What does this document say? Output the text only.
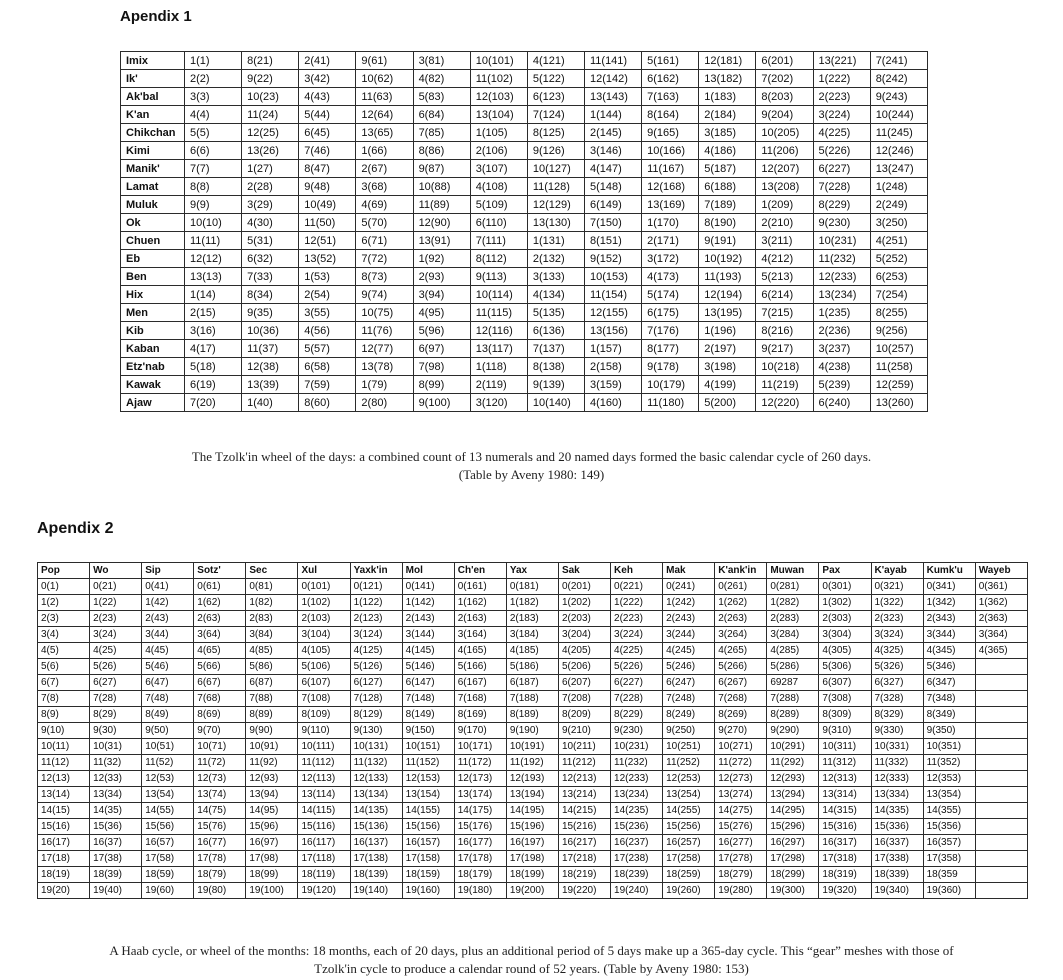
Apendix 1
Imix	1(1)	8(21)	2(41)	9(61)	3(81)	10(101)	4(121)	11(141)	5(161)	12(181)	6(201)	13(221)	7(241)
Ik'	2(2)	9(22)	3(42)	10(62)	4(82)	11(102)	5(122)	12(142)	6(162)	13(182)	7(202)	1(222)	8(242)
Ak'bal	3(3)	10(23)	4(43)	11(63)	5(83)	12(103)	6(123)	13(143)	7(163)	1(183)	8(203)	2(223)	9(243)
K'an	4(4)	11(24)	5(44)	12(64)	6(84)	13(104)	7(124)	1(144)	8(164)	2(184)	9(204)	3(224)	10(244)
Chikchan	5(5)	12(25)	6(45)	13(65)	7(85)	1(105)	8(125)	2(145)	9(165)	3(185)	10(205)	4(225)	11(245)
Kimi	6(6)	13(26)	7(46)	1(66)	8(86)	2(106)	9(126)	3(146)	10(166)	4(186)	11(206)	5(226)	12(246)
Manik'	7(7)	1(27)	8(47)	2(67)	9(87)	3(107)	10(127)	4(147)	11(167)	5(187)	12(207)	6(227)	13(247)
Lamat	8(8)	2(28)	9(48)	3(68)	10(88)	4(108)	11(128)	5(148)	12(168)	6(188)	13(208)	7(228)	1(248)
Muluk	9(9)	3(29)	10(49)	4(69)	11(89)	5(109)	12(129)	6(149)	13(169)	7(189)	1(209)	8(229)	2(249)
Ok	10(10)	4(30)	11(50)	5(70)	12(90)	6(110)	13(130)	7(150)	1(170)	8(190)	2(210)	9(230)	3(250)
Chuen	11(11)	5(31)	12(51)	6(71)	13(91)	7(111)	1(131)	8(151)	2(171)	9(191)	3(211)	10(231)	4(251)
Eb	12(12)	6(32)	13(52)	7(72)	1(92)	8(112)	2(132)	9(152)	3(172)	10(192)	4(212)	11(232)	5(252)
Ben	13(13)	7(33)	1(53)	8(73)	2(93)	9(113)	3(133)	10(153)	4(173)	11(193)	5(213)	12(233)	6(253)
Hix	1(14)	8(34)	2(54)	9(74)	3(94)	10(114)	4(134)	11(154)	5(174)	12(194)	6(214)	13(234)	7(254)
Men	2(15)	9(35)	3(55)	10(75)	4(95)	11(115)	5(135)	12(155)	6(175)	13(195)	7(215)	1(235)	8(255)
Kib	3(16)	10(36)	4(56)	11(76)	5(96)	12(116)	6(136)	13(156)	7(176)	1(196)	8(216)	2(236)	9(256)
Kaban	4(17)	11(37)	5(57)	12(77)	6(97)	13(117)	7(137)	1(157)	8(177)	2(197)	9(217)	3(237)	10(257)
Etz'nab	5(18)	12(38)	6(58)	13(78)	7(98)	1(118)	8(138)	2(158)	9(178)	3(198)	10(218)	4(238)	11(258)
Kawak	6(19)	13(39)	7(59)	1(79)	8(99)	2(119)	9(139)	3(159)	10(179)	4(199)	11(219)	5(239)	12(259)
Ajaw	7(20)	1(40)	8(60)	2(80)	9(100)	3(120)	10(140)	4(160)	11(180)	5(200)	12(220)	6(240)	13(260)
The Tzolk'in wheel of the days: a combined count of 13 numerals and 20 named days formed the basic calendar cycle of 260 days.
(Table by Aveny 1980: 149)
Apendix 2
Pop	Wo	Sip	Sotz'	Sec	Xul	Yaxk'in	Mol	Ch'en	Yax	Sak	Keh	Mak	K'ank'in	Muwan	Pax	K'ayab	Kumk'u	Wayeb
0(1)	0(21)	0(41)	0(61)	0(81)	0(101)	0(121)	0(141)	0(161)	0(181)	0(201)	0(221)	0(241)	0(261)	0(281)	0(301)	0(321)	0(341)	0(361)
1(2)	1(22)	1(42)	1(62)	1(82)	1(102)	1(122)	1(142)	1(162)	1(182)	1(202)	1(222)	1(242)	1(262)	1(282)	1(302)	1(322)	1(342)	1(362)
2(3)	2(23)	2(43)	2(63)	2(83)	2(103)	2(123)	2(143)	2(163)	2(183)	2(203)	2(223)	2(243)	2(263)	2(283)	2(303)	2(323)	2(343)	2(363)
3(4)	3(24)	3(44)	3(64)	3(84)	3(104)	3(124)	3(144)	3(164)	3(184)	3(204)	3(224)	3(244)	3(264)	3(284)	3(304)	3(324)	3(344)	3(364)
4(5)	4(25)	4(45)	4(65)	4(85)	4(105)	4(125)	4(145)	4(165)	4(185)	4(205)	4(225)	4(245)	4(265)	4(285)	4(305)	4(325)	4(345)	4(365)
5(6)	5(26)	5(46)	5(66)	5(86)	5(106)	5(126)	5(146)	5(166)	5(186)	5(206)	5(226)	5(246)	5(266)	5(286)	5(306)	5(326)	5(346)	
6(7)	6(27)	6(47)	6(67)	6(87)	6(107)	6(127)	6(147)	6(167)	6(187)	6(207)	6(227)	6(247)	6(267)	69287	6(307)	6(327)	6(347)	
7(8)	7(28)	7(48)	7(68)	7(88)	7(108)	7(128)	7(148)	7(168)	7(188)	7(208)	7(228)	7(248)	7(268)	7(288)	7(308)	7(328)	7(348)	
8(9)	8(29)	8(49)	8(69)	8(89)	8(109)	8(129)	8(149)	8(169)	8(189)	8(209)	8(229)	8(249)	8(269)	8(289)	8(309)	8(329)	8(349)	
9(10)	9(30)	9(50)	9(70)	9(90)	9(110)	9(130)	9(150)	9(170)	9(190)	9(210)	9(230)	9(250)	9(270)	9(290)	9(310)	9(330)	9(350)	
10(11)	10(31)	10(51)	10(71)	10(91)	10(111)	10(131)	10(151)	10(171)	10(191)	10(211)	10(231)	10(251)	10(271)	10(291)	10(311)	10(331)	10(351)	
11(12)	11(32)	11(52)	11(72)	11(92)	11(112)	11(132)	11(152)	11(172)	11(192)	11(212)	11(232)	11(252)	11(272)	11(292)	11(312)	11(332)	11(352)	
12(13)	12(33)	12(53)	12(73)	12(93)	12(113)	12(133)	12(153)	12(173)	12(193)	12(213)	12(233)	12(253)	12(273)	12(293)	12(313)	12(333)	12(353)	
13(14)	13(34)	13(54)	13(74)	13(94)	13(114)	13(134)	13(154)	13(174)	13(194)	13(214)	13(234)	13(254)	13(274)	13(294)	13(314)	13(334)	13(354)	
14(15)	14(35)	14(55)	14(75)	14(95)	14(115)	14(135)	14(155)	14(175)	14(195)	14(215)	14(235)	14(255)	14(275)	14(295)	14(315)	14(335)	14(355)	
15(16)	15(36)	15(56)	15(76)	15(96)	15(116)	15(136)	15(156)	15(176)	15(196)	15(216)	15(236)	15(256)	15(276)	15(296)	15(316)	15(336)	15(356)	
16(17)	16(37)	16(57)	16(77)	16(97)	16(117)	16(137)	16(157)	16(177)	16(197)	16(217)	16(237)	16(257)	16(277)	16(297)	16(317)	16(337)	16(357)	
17(18)	17(38)	17(58)	17(78)	17(98)	17(118)	17(138)	17(158)	17(178)	17(198)	17(218)	17(238)	17(258)	17(278)	17(298)	17(318)	17(338)	17(358)	
18(19)	18(39)	18(59)	18(79)	18(99)	18(119)	18(139)	18(159)	18(179)	18(199)	18(219)	18(239)	18(259)	18(279)	18(299)	18(319)	18(339)	18(359	
19(20)	19(40)	19(60)	19(80)	19(100)	19(120)	19(140)	19(160)	19(180)	19(200)	19(220)	19(240)	19(260)	19(280)	19(300)	19(320)	19(340)	19(360)	
A Haab cycle, or wheel of the months: 18 months, each of 20 days, plus an additional period of 5 days make up a 365-day cycle. This “gear” meshes with those of
Tzolk'in cycle to produce a calendar round of 52 years. (Table by Aveny 1980: 153)
